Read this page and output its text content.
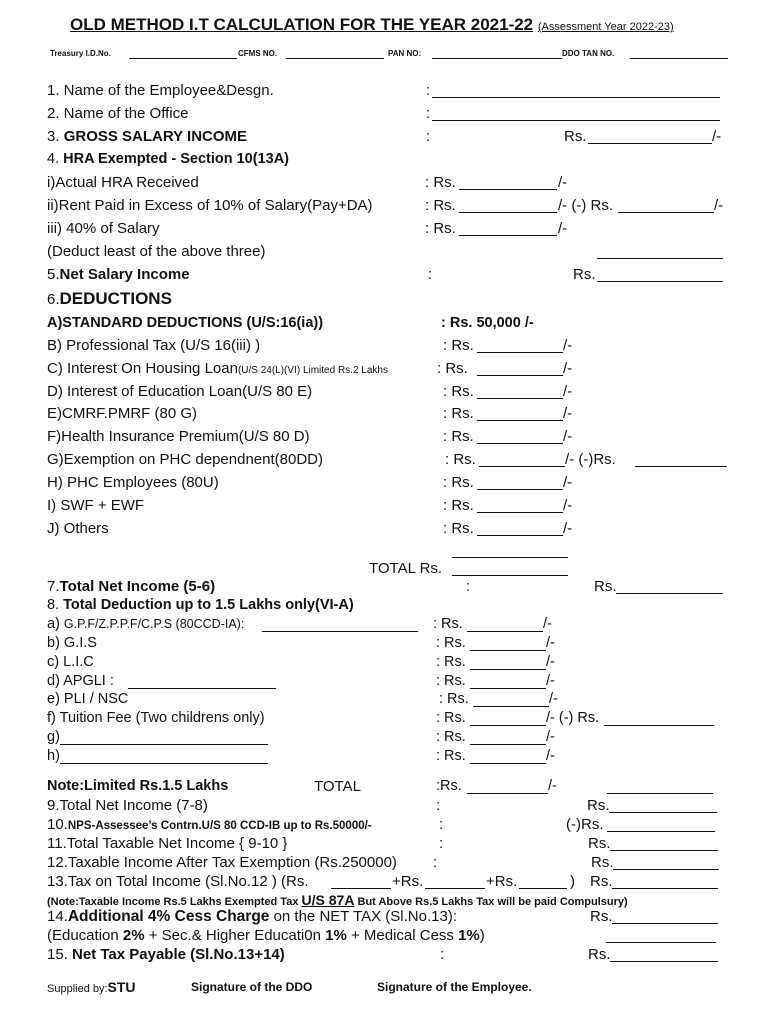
OLD METHOD I.T CALCULATION FOR THE YEAR 2021-22 (Assessment Year 2022-23)
Treasury I.D.No.	CFMS NO.	PAN NO:	DDO TAN NO.
1. Name of the Employee&Desgn.	:
2. Name of the Office	:
3. GROSS SALARY INCOME	:	Rs.	/-
4. HRA Exempted - Section 10(13A)
i)Actual HRA Received	: Rs.	/-
ii)Rent Paid in Excess of 10% of Salary(Pay+DA)	: Rs.	/- (-) Rs.	/-
iii) 40% of Salary	: Rs.	/-
(Deduct least of the above three)
5.Net Salary Income	:	Rs.
6.DEDUCTIONS
A)STANDARD DEDUCTIONS (U/S:16(ia))	: Rs. 50,000 /-
B) Professional Tax (U/S 16(iii) )	: Rs.	/-
C) Interest On Housing Loan(U/S 24(L)(VI) Limited Rs.2 Lakhs	: Rs.	/-
D) Interest of Education Loan(U/S 80 E)	: Rs.	/-
E)CMRF.PMRF (80 G)	: Rs.	/-
F)Health Insurance Premium(U/S 80 D)	: Rs.	/-
G)Exemption on PHC dependnent(80DD)	: Rs.	/- (-)Rs.
H) PHC Employees (80U)	: Rs.	/-
I) SWF + EWF	: Rs.	/-
J) Others	: Rs.	/-
TOTAL Rs.
7.Total Net Income (5-6)	:	Rs.
8. Total Deduction up to 1.5 Lakhs only(VI-A)
a) G.P.F/Z.P.P.F/C.P.S (80CCD-IA):	: Rs.	/-
b) G.I.S	: Rs.	/-
c) L.I.C	: Rs.	/-
d) APGLI :	: Rs.	/-
e) PLI / NSC	: Rs.	/-
f) Tuition Fee (Two childrens only)	: Rs.	/- (-) Rs.
g)	: Rs.	/-
h)	: Rs.	/-
Note:Limited Rs.1.5 Lakhs	TOTAL	:Rs.	/-
9.Total Net Income (7-8)	:	Rs.
10.NPS-Assessee’s Contrn.U/S 80 CCD-IB up to Rs.50000/-	:	(-)Rs.
11.Total Taxable Net Income { 9-10 }	:	Rs.
12.Taxable Income After Tax Exemption (Rs.250000) :	Rs.
13.Tax on Total Income (Sl.No.12 ) (Rs.	+Rs.	+Rs.	) Rs.
(Note:Taxable Income Rs.5 Lakhs Exempted Tax U/S 87A But Above Rs.5 Lakhs Tax will be paid Compulsury)
14.Additional 4% Cess Charge on the NET TAX (Sl.No.13):	Rs.
(Education 2% + Sec.& Higher Educati0n 1% + Medical Cess 1%)
15. Net Tax Payable (Sl.No.13+14)	:	Rs.
Supplied by:STU	Signature of the DDO	Signature of the Employee.
